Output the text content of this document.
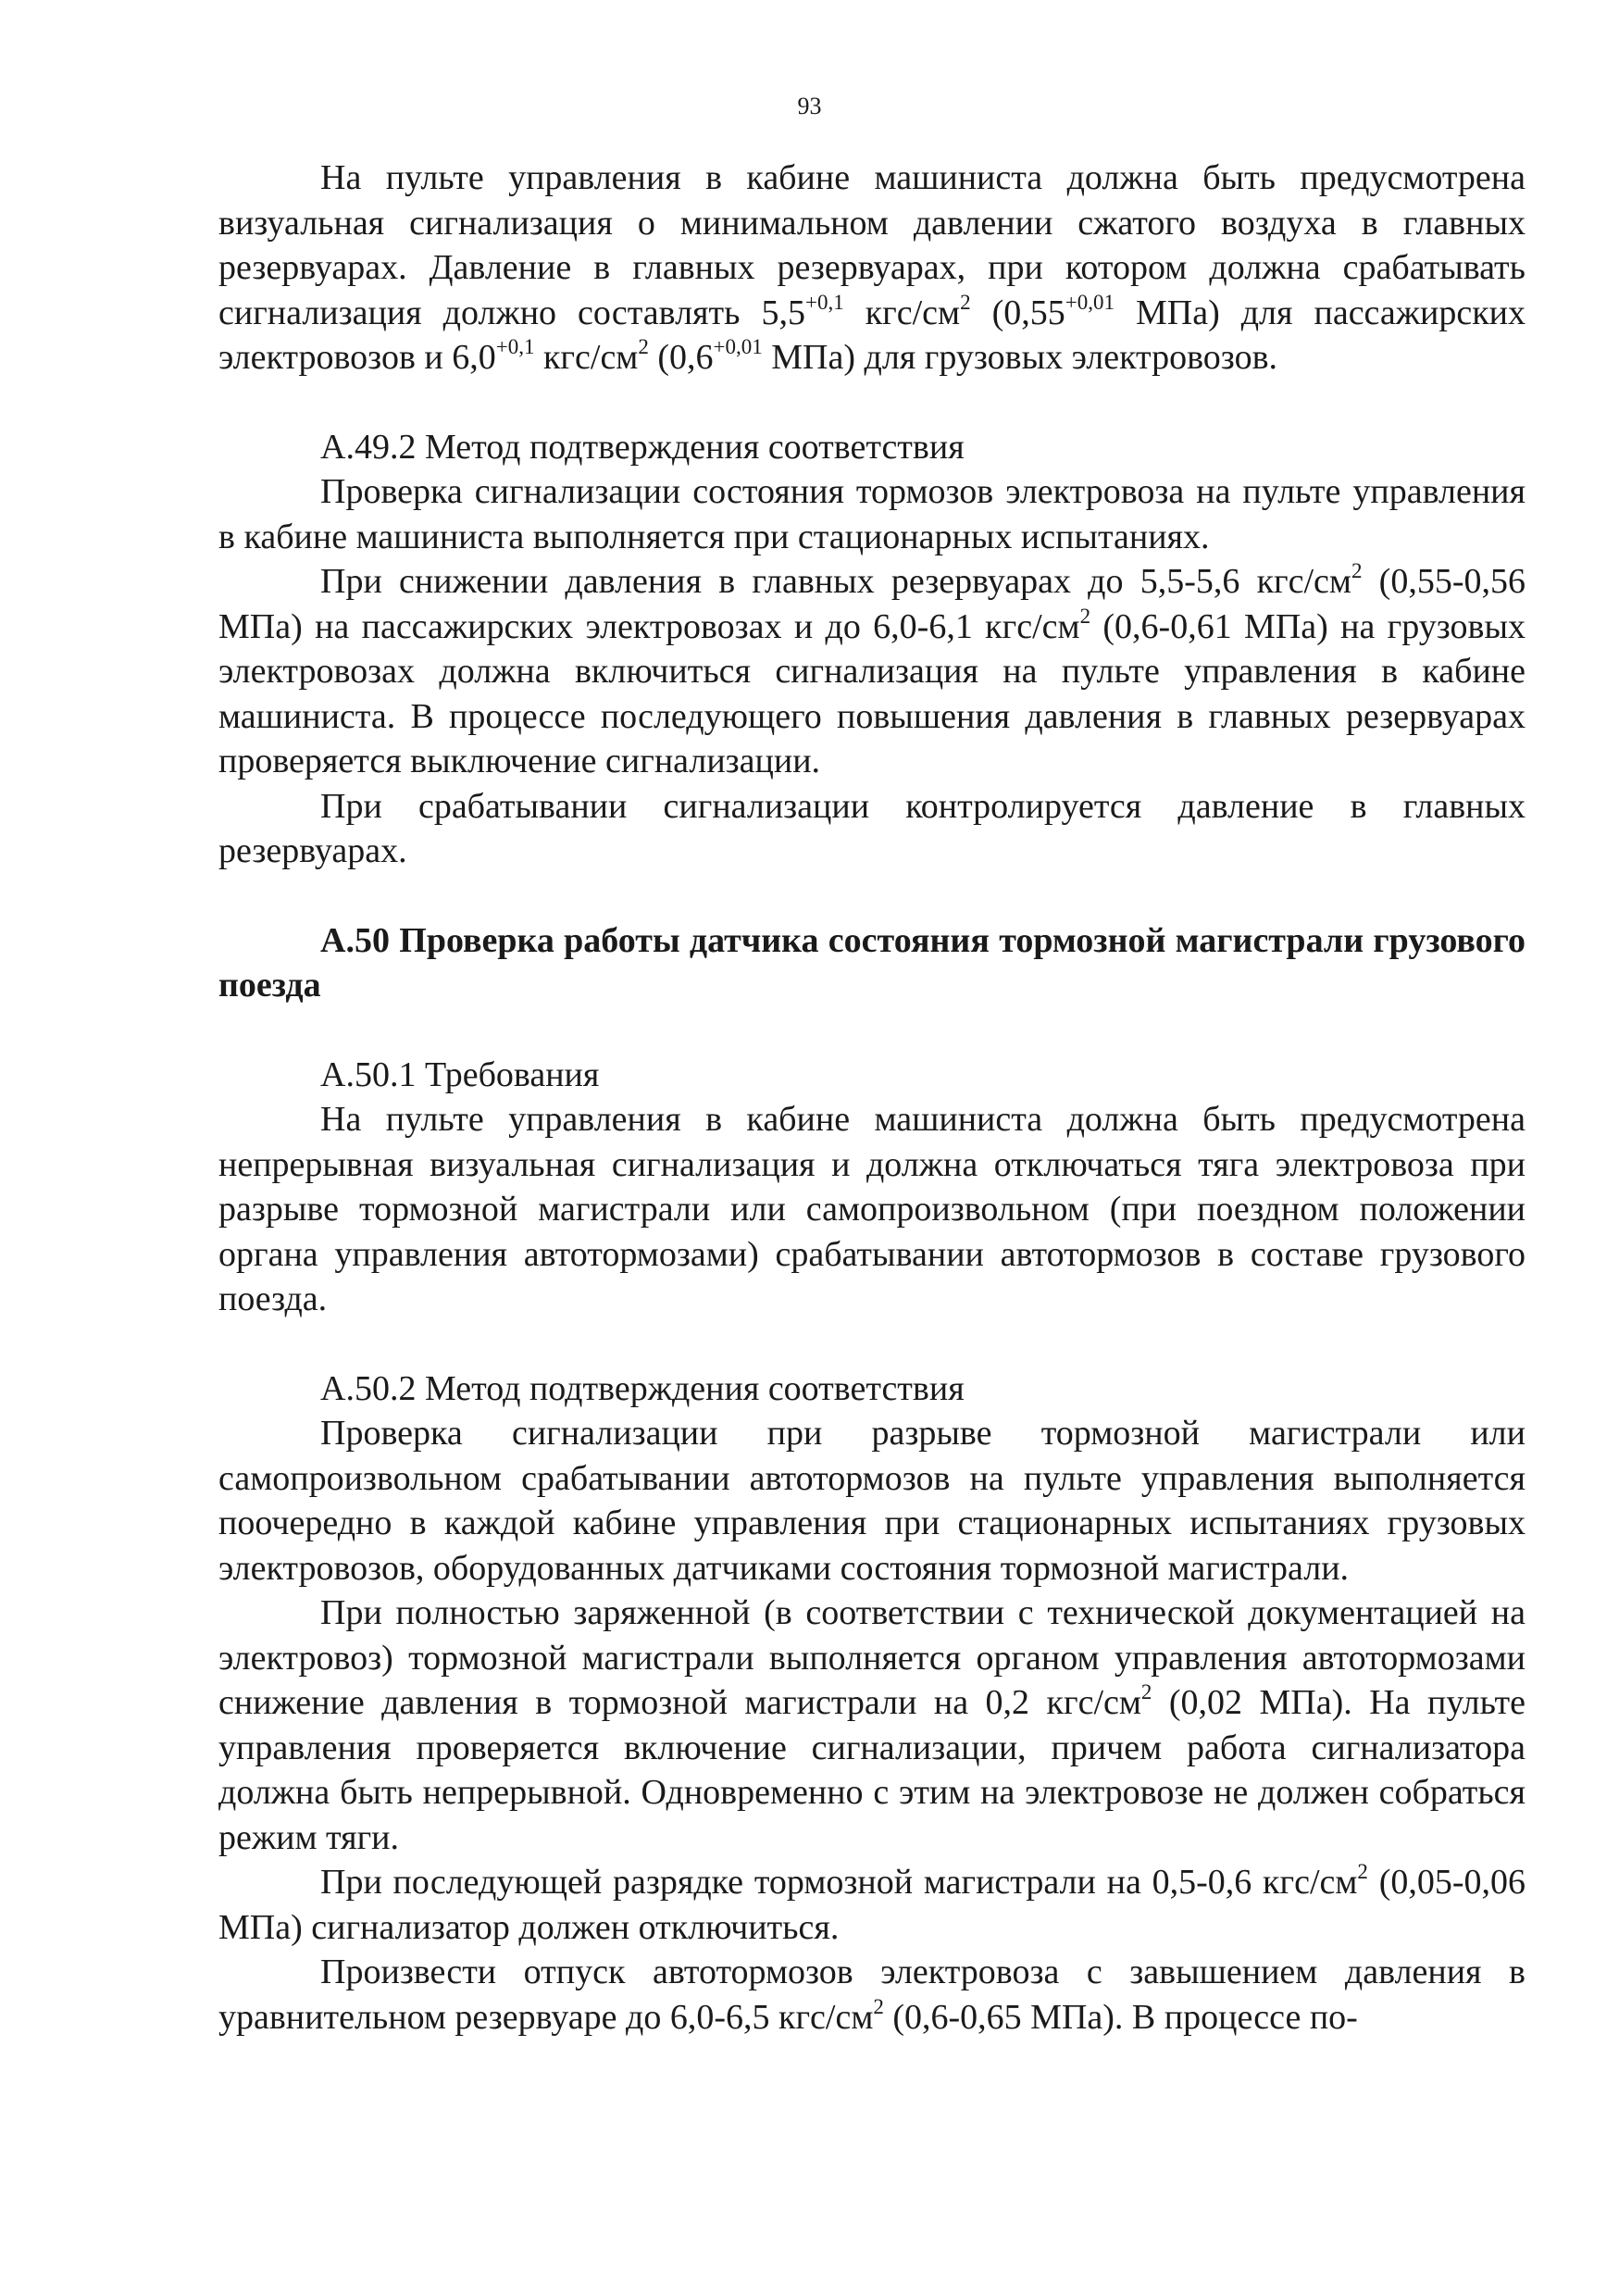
93

На пульте управления в кабине машиниста должна быть предусмотрена визуальная сигнализация о минимальном давлении сжатого воздуха в главных резервуарах. Давление в главных резервуарах, при котором должна срабатывать сигнализация должно составлять $5,5^{+0,1}$ кгс/$см^2$ ($0,55^{+0,01}$ МПа) для пассажирских электровозов и $6,0^{+0,1}$ кгс/$см^2$ ($0,6^{+0,01}$ МПа) для грузовых электровозов.

А.49.2 Метод подтверждения соответствия

Проверка сигнализации состояния тормозов электровоза на пульте управления в кабине машиниста выполняется при стационарных испытаниях.

При снижении давления в главных резервуарах до 5,5-5,6 кгс/$см^2$ (0,55-0,56 МПа) на пассажирских электровозах и до 6,0-6,1 кгс/$см^2$ (0,6-0,61 МПа) на грузовых электровозах должна включиться сигнализация на пульте управления в кабине машиниста. В процессе последующего повышения давления в главных резервуарах проверяется выключение сигнализации.

При срабатывании сигнализации контролируется давление в главных резервуарах.

А.50 Проверка работы датчика состояния тормозной магистрали грузового поезда

А.50.1 Требования

На пульте управления в кабине машиниста должна быть предусмотрена непрерывная визуальная сигнализация и должна отключаться тяга электровоза при разрыве тормозной магистрали или самопроизвольном (при поездном положении органа управления автотормозами) срабатывании автотормозов в составе грузового поезда.

А.50.2 Метод подтверждения соответствия

Проверка сигнализации при разрыве тормозной магистрали или самопроизвольном срабатывании автотормозов на пульте управления выполняется поочередно в каждой кабине управления при стационарных испытаниях грузовых электровозов, оборудованных датчиками состояния тормозной магистрали.

При полностью заряженной (в соответствии с технической документацией на электровоз) тормозной магистрали выполняется органом управления автотормозами снижение давления в тормозной магистрали на 0,2 кгс/$см^2$ (0,02 МПа). На пульте управления проверяется включение сигнализации, причем работа сигнализатора должна быть непрерывной. Одновременно с этим на электровозе не должен собраться режим тяги.

При последующей разрядке тормозной магистрали на 0,5-0,6 кгс/$см^2$ (0,05-0,06 МПа) сигнализатор должен отключиться.

Произвести отпуск автотормозов электровоза с завышением давления в уравнительном резервуаре до 6,0-6,5 кгс/$см^2$ (0,6-0,65 МПа). В процессе по-
